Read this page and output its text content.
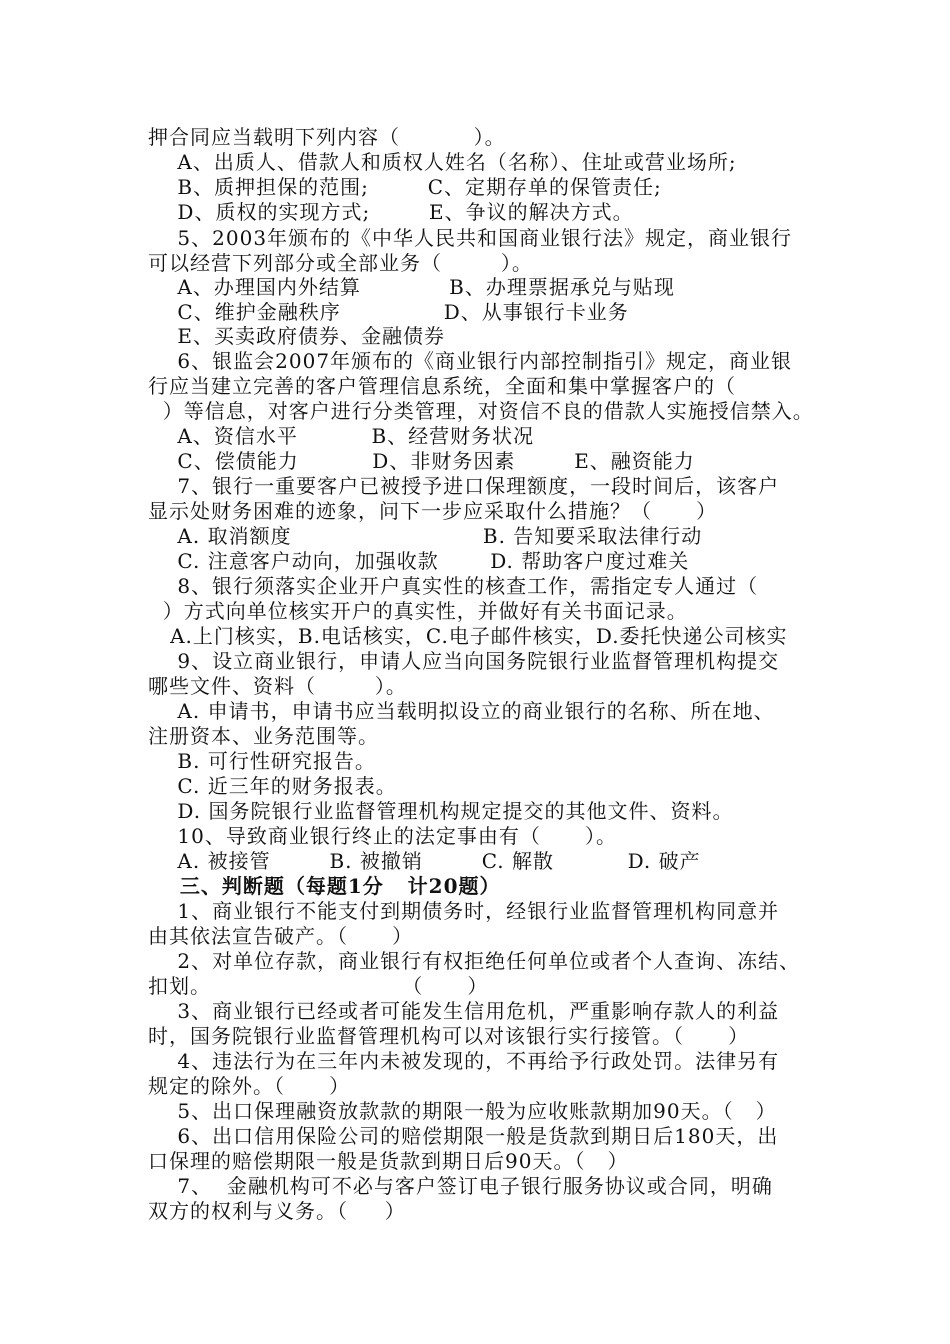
押合同应当载明下列内容（          ）。
A、出质人、借款人和质权人姓名（名称）、住址或营业场所;
B、质押担保的范围;        C、定期存单的保管责任;
D、质权的实现方式;        E、争议的解决方式。
5、2003年颁布的《中华人民共和国商业银行法》规定，商业银行
可以经营下列部分或全部业务（        ）。
A、办理国内外结算            B、办理票据承兑与贴现
C、维护金融秩序              D、从事银行卡业务
E、买卖政府债券、金融债券
6、银监会2007年颁布的《商业银行内部控制指引》规定，商业银
行应当建立完善的客户管理信息系统，全面和集中掌握客户的（
）等信息，对客户进行分类管理，对资信不良的借款人实施授信禁入。
A、资信水平          B、经营财务状况
C、偿债能力          D、非财务因素        E、融资能力
7、银行一重要客户已被授予进口保理额度，一段时间后，该客户
显示处财务困难的迹象，问下一步应采取什么措施？（      ）
A. 取消额度                          B. 告知要采取法律行动
C. 注意客户动向，加强收款       D. 帮助客户度过难关
8、银行须落实企业开户真实性的核查工作，需指定专人通过（
）方式向单位核实开户的真实性，并做好有关书面记录。
A.上门核实，B.电话核实，C.电子邮件核实，D.委托快递公司核实
9、设立商业银行，申请人应当向国务院银行业监督管理机构提交
哪些文件、资料（        ）。
A. 申请书，申请书应当载明拟设立的商业银行的名称、所在地、
注册资本、业务范围等。
B. 可行性研究报告。
C. 近三年的财务报表。
D. 国务院银行业监督管理机构规定提交的其他文件、资料。
10、导致商业银行终止的法定事由有（      ）。
A. 被接管        B. 被撤销        C. 解散          D. 破产
三、判断题（每题1分   计20题）
1、商业银行不能支付到期债务时，经银行业监督管理机构同意并
由其依法宣告破产。（      ）
2、对单位存款，商业银行有权拒绝任何单位或者个人查询、冻结、
扣划。                          （      ）
3、商业银行已经或者可能发生信用危机，严重影响存款人的利益
时，国务院银行业监督管理机构可以对该银行实行接管。（      ）
4、违法行为在三年内未被发现的，不再给予行政处罚。法律另有
规定的除外。（      ）
5、出口保理融资放款款的期限一般为应收账款期加90天。（   ）
6、出口信用保险公司的赔偿期限一般是货款到期日后180天，出
口保理的赔偿期限一般是货款到期日后90天。（   ）
7、  金融机构可不必与客户签订电子银行服务协议或合同，明确
双方的权利与义务。（     ）
